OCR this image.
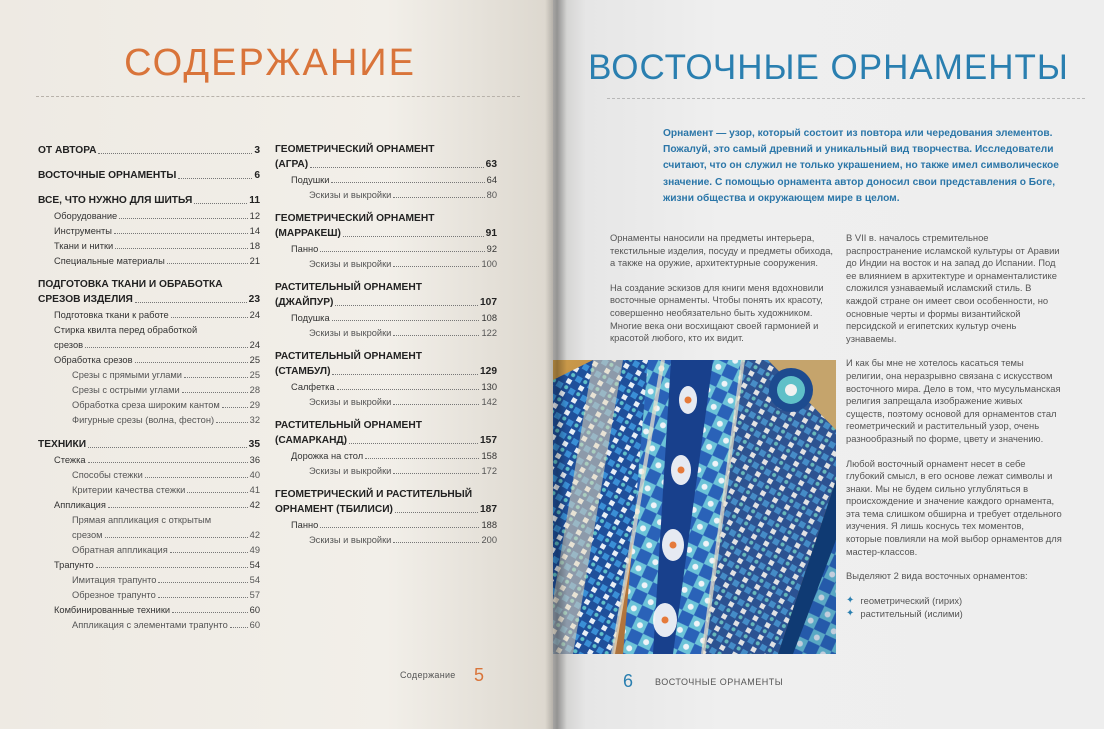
СОДЕРЖАНИЕ
ОТ АВТОРА	3
ВОСТОЧНЫЕ ОРНАМЕНТЫ	6
ВСЕ, ЧТО НУЖНО ДЛЯ ШИТЬЯ	11
Оборудование	12
Инструменты	14
Ткани и нитки	18
Специальные материалы	21
ПОДГОТОВКА ТКАНИ И ОБРАБОТКА
СРЕЗОВ ИЗДЕЛИЯ	23
Подготовка ткани к работе	24
Стирка квилта перед обработкой
срезов	24
Обработка срезов	25
Срезы с прямыми углами	25
Срезы с острыми углами	28
Обработка среза широким кантом	29
Фигурные срезы (волна, фестон)	32
ТЕХНИКИ	35
Стежка	36
Способы стежки	40
Критерии качества стежки	41
Аппликация	42
Прямая аппликация с открытым
срезом	42
Обратная аппликация	49
Трапунто	54
Имитация трапунто	54
Обрезное трапунто	57
Комбинированные техники	60
Аппликация с элементами трапунто 60
ГЕОМЕТРИЧЕСКИЙ ОРНАМЕНТ
(АГРА)	63
Подушки	64
Эскизы и выкройки	80
ГЕОМЕТРИЧЕСКИЙ ОРНАМЕНТ
(МАРРАКЕШ)	91
Панно	92
Эскизы и выкройки	100
РАСТИТЕЛЬНЫЙ ОРНАМЕНТ
(ДЖАЙПУР)	107
Подушка	108
Эскизы и выкройки	122
РАСТИТЕЛЬНЫЙ ОРНАМЕНТ
(СТАМБУЛ)	129
Салфетка	130
Эскизы и выкройки	142
РАСТИТЕЛЬНЫЙ ОРНАМЕНТ
(САМАРКАНД)	157
Дорожка на стол	158
Эскизы и выкройки	172
ГЕОМЕТРИЧЕСКИЙ И РАСТИТЕЛЬНЫЙ
ОРНАМЕНТ (ТБИЛИСИ)	187
Панно	188
Эскизы и выкройки	200
Содержание 5
ВОСТОЧНЫЕ ОРНАМЕНТЫ

Орнамент — узор, который состоит из повтора или чередования элементов. Пожалуй, это самый древний и уникальный вид творчества. Исследователи считают, что он служил не только украшением, но также имел символическое значение. С помощью орнамента автор доносил свои представления о Боге, жизни общества и окружающем мире в целом.

Орнаменты наносили на предметы интерьера, текстильные изделия, посуду и предметы обихода, а также на оружие, архитектурные сооружения.

На создание эскизов для книги меня вдохновили восточные орнаменты. Чтобы понять их красоту, совершенно необязательно быть художником. Многие века они восхищают своей гармонией и красотой любого, кто их видит.

В VII в. началось стремительное распространение исламской культуры от Аравии до Индии на восток и на запад до Испании. Под ее влиянием в архитектуре и орнаменталистике сложился узнаваемый исламский стиль. В каждой стране он имеет свои особенности, но основные черты и формы византийской персидской и египетских культур очень узнаваемы.

И как бы мне не хотелось касаться темы религии, она неразрывно связана с искусством восточного мира. Дело в том, что мусульманская религия запрещала изображение живых существ, поэтому основой для орнаментов стал геометрический и растительный узор, очень разнообразный по форме, цвету и значению.

Любой восточный орнамент несет в себе глубокий смысл, в его основе лежат символы и знаки. Мы не будем сильно углубляться в происхождение и значение каждого орнамента, эта тема слишком обширна и требует отдельного изучения. Я лишь коснусь тех моментов, которые повлияли на мой выбор орнаментов для мастер-классов.

Выделяют 2 вида восточных орнаментов:

✦ геометрический (гирих)
✦ растительный (ислими)
6 ВОСТОЧНЫЕ ОРНАМЕНТЫ
